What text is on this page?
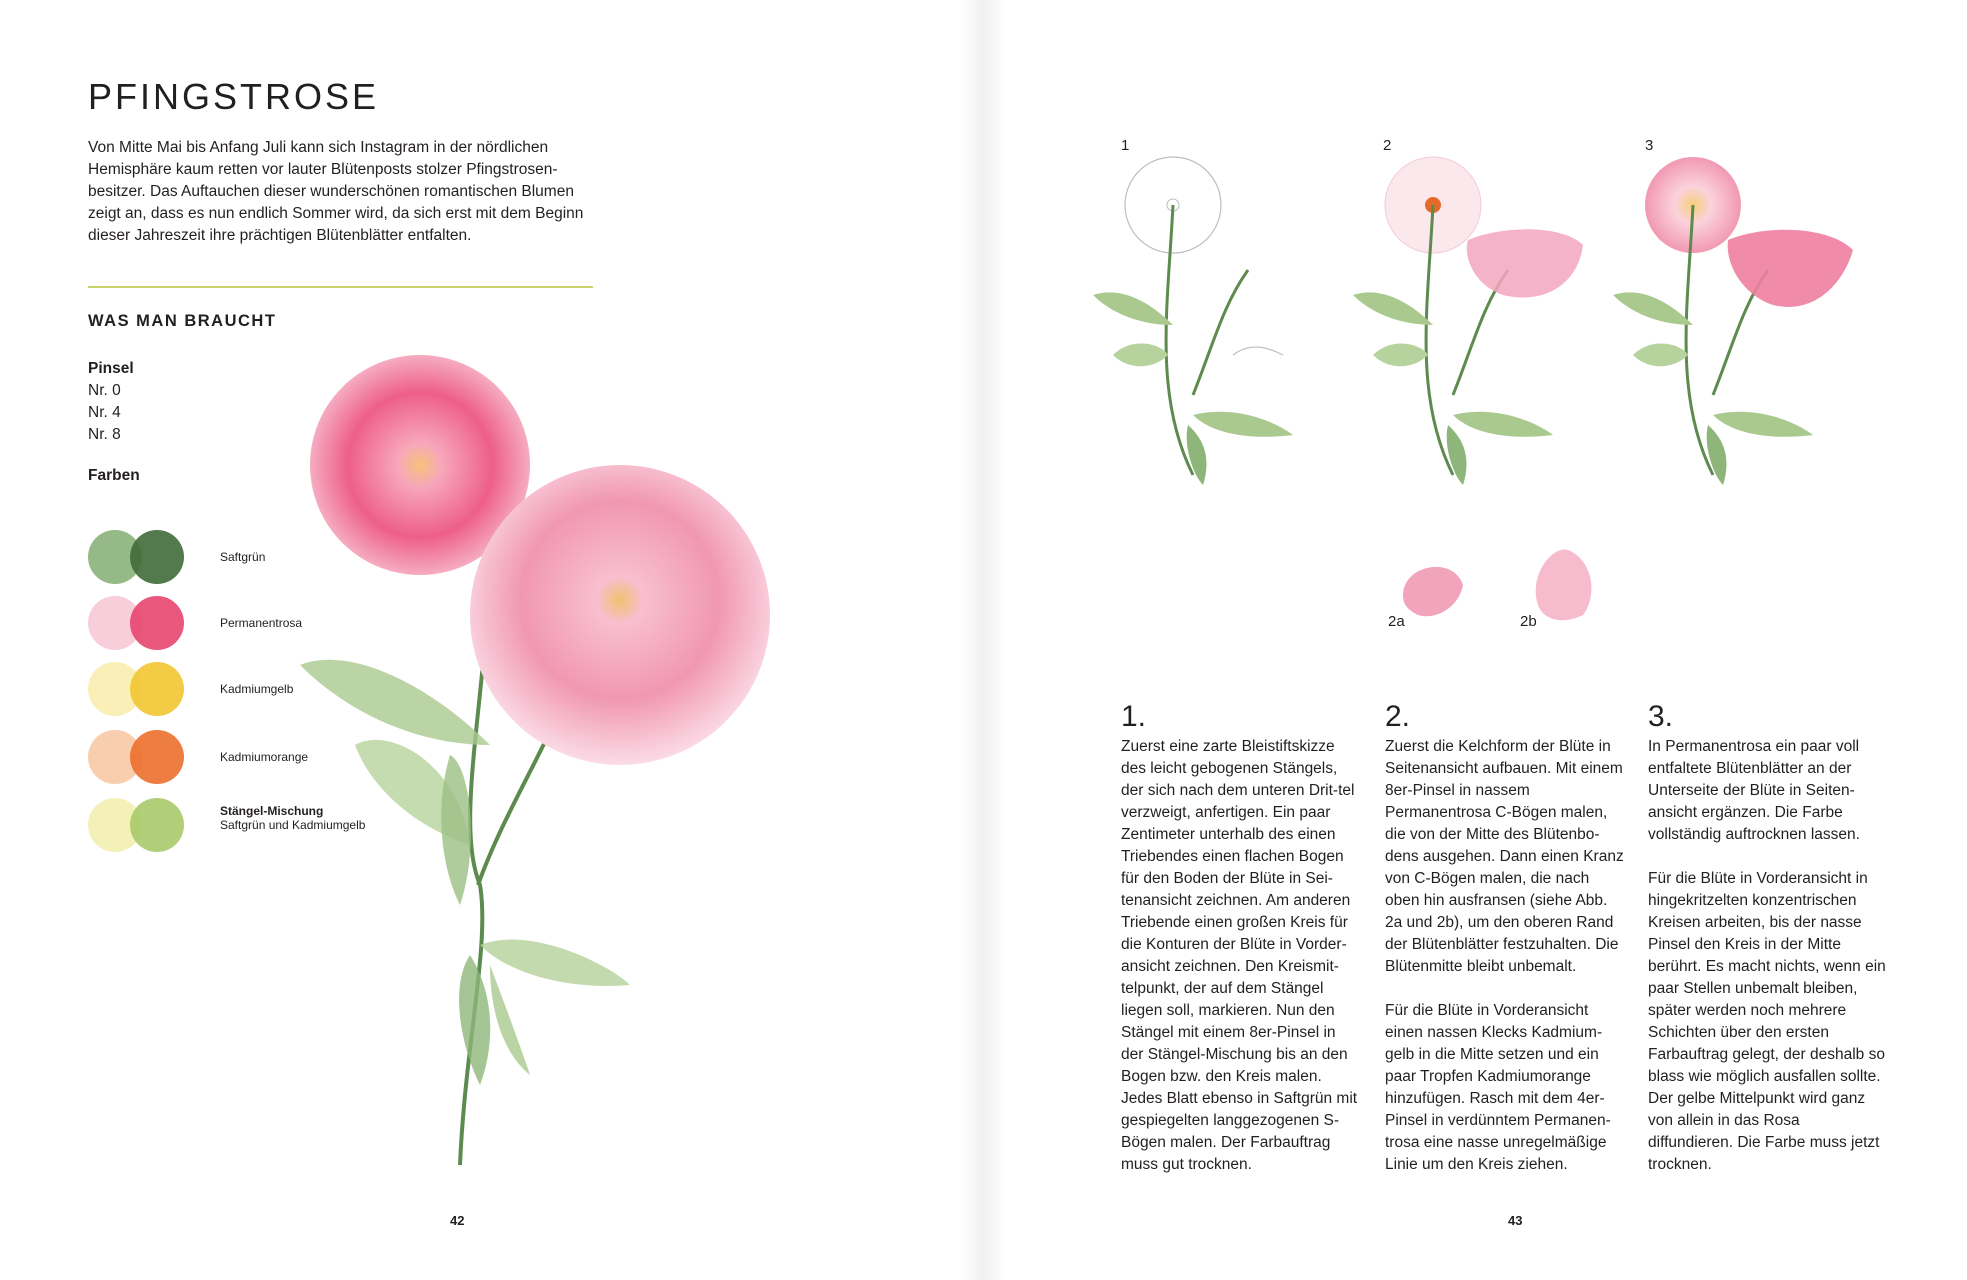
PFINGSTROSE

Von Mitte Mai bis Anfang Juli kann sich Instagram in der nördlichen Hemisphäre kaum retten vor lauter Blütenposts stolzer Pfingstrosen-besitzer. Das Auftauchen dieser wunderschönen romantischen Blumen zeigt an, dass es nun endlich Sommer wird, da sich erst mit dem Beginn dieser Jahreszeit ihre prächtigen Blütenblätter entfalten.

WAS MAN BRAUCHT
Pinsel
Nr. 0
Nr. 4
Nr. 8
Farben
Saftgrün
Permanentrosa
Kadmiumgelb
Kadmiumorange
Stängel-Mischung
Saftgrün und Kadmiumgelb
42
1	2	3
2a	2b
1.

Zuerst eine zarte Bleistiftskizze des leicht gebogenen Stängels, der sich nach dem unteren Drit-tel verzweigt, anfertigen. Ein paar Zentimeter unterhalb des einen Triebendes einen flachen Bogen für den Boden der Blüte in Sei-tenansicht zeichnen. Am anderen Triebende einen großen Kreis für die Konturen der Blüte in Vorder-ansicht zeichnen. Den Kreismit-telpunkt, der auf dem Stängel liegen soll, markieren. Nun den Stängel mit einem 8er-Pinsel in der Stängel-Mischung bis an den Bogen bzw. den Kreis malen. Jedes Blatt ebenso in Saftgrün mit gespiegelten langgezogenen S-Bögen malen. Der Farbauftrag muss gut trocknen.

2.

Zuerst die Kelchform der Blüte in Seitenansicht aufbauen. Mit einem 8er-Pinsel in nassem Permanentrosa C-Bögen malen, die von der Mitte des Blütenbo-dens ausgehen. Dann einen Kranz von C-Bögen malen, die nach oben hin ausfransen (siehe Abb. 2a und 2b), um den oberen Rand der Blütenblätter festzuhalten. Die Blütenmitte bleibt unbemalt.

Für die Blüte in Vorderansicht einen nassen Klecks Kadmium-gelb in die Mitte setzen und ein paar Tropfen Kadmiumorange hinzufügen. Rasch mit dem 4er-Pinsel in verdünntem Permanen-trosa eine nasse unregelmäßige Linie um den Kreis ziehen.

3.

In Permanentrosa ein paar voll entfaltete Blütenblätter an der Unterseite der Blüte in Seiten-ansicht ergänzen. Die Farbe vollständig auftrocknen lassen.

Für die Blüte in Vorderansicht in hingekritzelten konzentrischen Kreisen arbeiten, bis der nasse Pinsel den Kreis in der Mitte berührt. Es macht nichts, wenn ein paar Stellen unbemalt bleiben, später werden noch mehrere Schichten über den ersten Farbauftrag gelegt, der deshalb so blass wie möglich ausfallen sollte. Der gelbe Mittelpunkt wird ganz von allein in das Rosa diffundieren. Die Farbe muss jetzt trocknen.

43
